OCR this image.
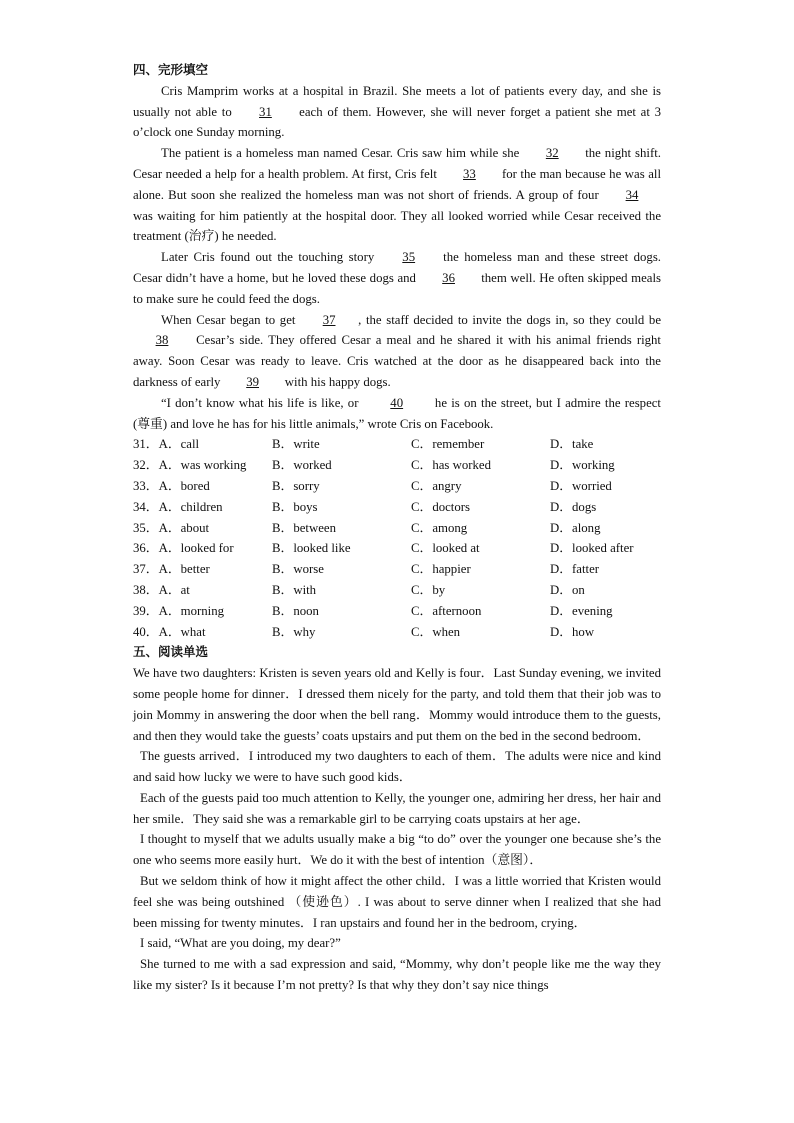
四、完形填空

Cris Mamprim works at a hospital in Brazil. She meets a lot of patients every day, and she is usually not able to 31 each of them. However, she will never forget a patient she met at 3 o’clock one Sunday morning.

The patient is a homeless man named Cesar. Cris saw him while she 32 the night shift. Cesar needed a help for a health problem. At first, Cris felt 33 for the man because he was all alone. But soon she realized the homeless man was not short of friends. A group of four 34 was waiting for him patiently at the hospital door. They all looked worried while Cesar received the treatment (治疗) he needed.

Later Cris found out the touching story 35 the homeless man and these street dogs. Cesar didn’t have a home, but he loved these dogs and 36 them well. He often skipped meals to make sure he could feed the dogs.

When Cesar began to get 37 , the staff decided to invite the dogs in, so they could be 38 Cesar’s side. They offered Cesar a meal and he shared it with his animal friends right away. Soon Cesar was ready to leave. Cris watched at the door as he disappeared back into the darkness of early 39 with his happy dogs.

“I don’t know what his life is like, or 40 he is on the street, but I admire the respect (尊重) and love he has for his little animals,” wrote Cris on Facebook.

31．A．call	B．write	C．remember	D．take
32．A．was working	B．worked	C．has worked	D．working
33．A．bored	B．sorry	C．angry	D．worried
34．A．children	B．boys	C．doctors	D．dogs
35．A．about	B．between	C．among	D．along
36．A．looked for	B．looked like	C．looked at	D．looked after
37．A．better	B．worse	C．happier	D．fatter
38．A．at	B．with	C．by	D．on
39．A．morning	B．noon	C．afternoon	D．evening
40．A．what	B．why	C．when	D．how
五、阅读单选

We have two daughters: Kristen is seven years old and Kelly is four．Last Sunday evening, we invited some people home for dinner．I dressed them nicely for the party, and told them that their job was to join Mommy in answering the door when the bell rang．Mommy would introduce them to the guests, and then they would take the guests’ coats upstairs and put them on the bed in the second bedroom．

The guests arrived．I introduced my two daughters to each of them．The adults were nice and kind and said how lucky we were to have such good kids．

Each of the guests paid too much attention to Kelly, the younger one, admiring her dress, her hair and her smile．They said she was a remarkable girl to be carrying coats upstairs at her age．

I thought to myself that we adults usually make a big “to do” over the younger one because she’s the one who seems more easily hurt．We do it with the best of intention（意图）．

But we seldom think of how it might affect the other child．I was a little worried that Kristen would feel she was being outshined （使逊色）. I was about to serve dinner when I realized that she had been missing for twenty minutes．I ran upstairs and found her in the bedroom, crying．

I said, “What are you doing, my dear?”

She turned to me with a sad expression and said, “Mommy, why don’t people like me the way they like my sister? Is it because I’m not pretty? Is that why they don’t say nice things
